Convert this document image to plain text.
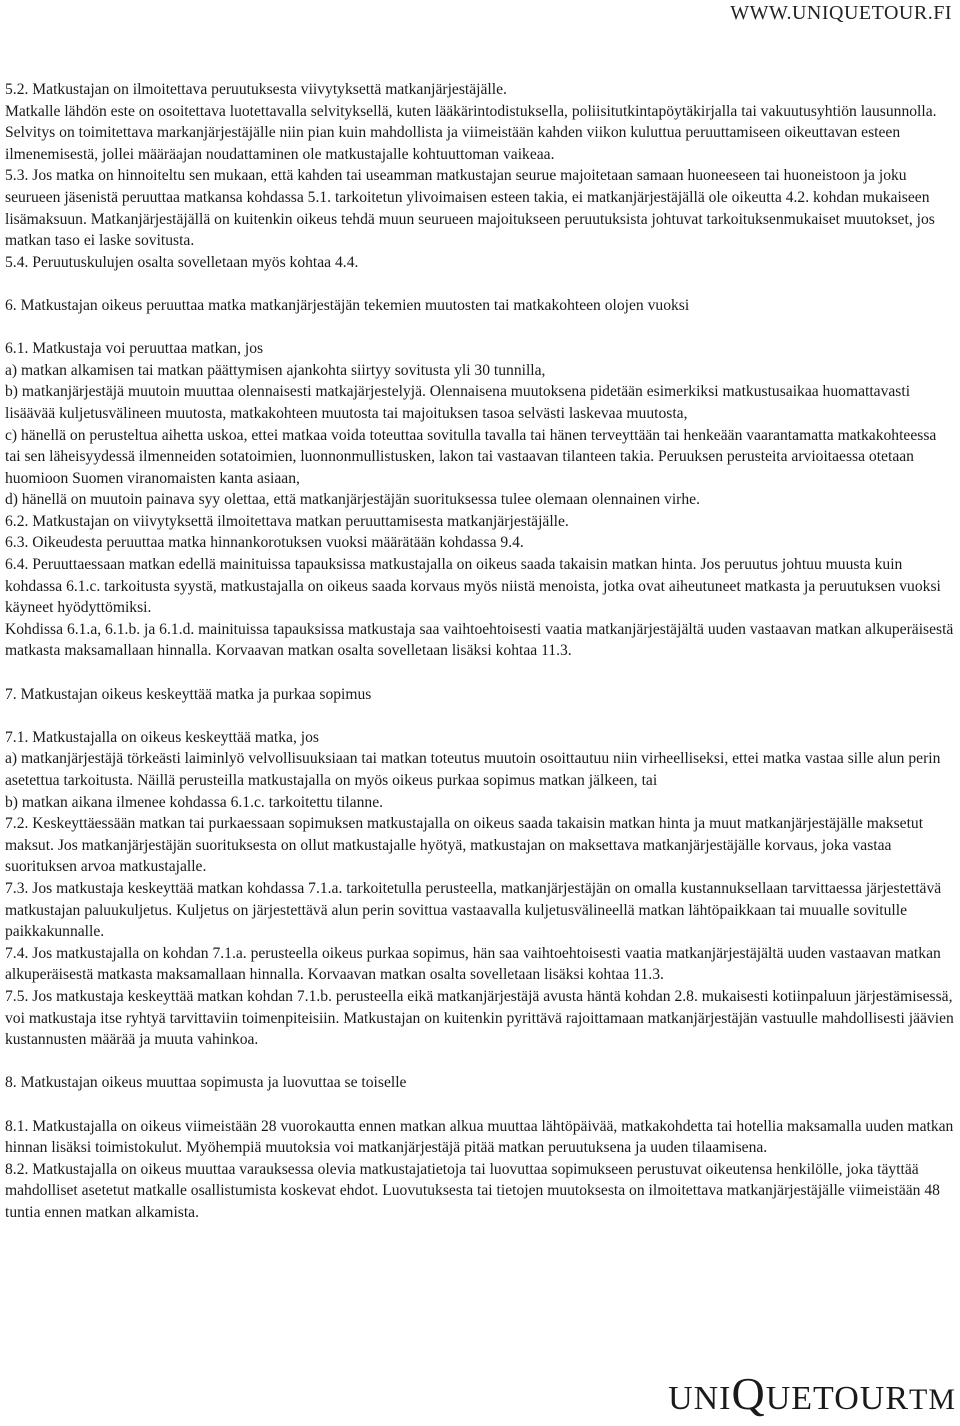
WWW.UNIQUETOUR.FI

5.2. Matkustajan on ilmoitettava peruutuksesta viivytyksettä matkanjärjestäjälle.

Matkalle lähdön este on osoitettava luotettavalla selvityksellä, kuten lääkärintodistuksella, poliisitutkintapöytäkirjalla tai vakuutusyhtiön lausunnolla. Selvitys on toimitettava markanjärjestäjälle niin pian kuin mahdollista ja viimeistään kahden viikon kuluttua peruuttamiseen oikeuttavan esteen ilmenemisestä, jollei määräajan noudattaminen ole matkustajalle kohtuuttoman vaikeaa.

5.3. Jos matka on hinnoiteltu sen mukaan, että kahden tai useamman matkustajan seurue majoitetaan samaan huoneeseen tai huoneistoon ja joku seurueen jäsenistä peruuttaa matkansa kohdassa 5.1. tarkoitetun ylivoimaisen esteen takia, ei matkanjärjestäjällä ole oikeutta 4.2. kohdan mukaiseen lisämaksuun. Matkanjärjestäjällä on kuitenkin oikeus tehdä muun seurueen majoitukseen peruutuksista johtuvat tarkoituksenmukaiset muutokset, jos matkan taso ei laske sovitusta.

5.4. Peruutuskulujen osalta sovelletaan myös kohtaa 4.4.

6. Matkustajan oikeus peruuttaa matka matkanjärjestäjän tekemien muutosten tai matkakohteen olojen vuoksi

6.1. Matkustaja voi peruuttaa matkan, jos

a) matkan alkamisen tai matkan päättymisen ajankohta siirtyy sovitusta yli 30 tunnilla,

b) matkanjärjestäjä muutoin muuttaa olennaisesti matkajärjestelyjä. Olennaisena muutoksena pidetään esimerkiksi matkustusaikaa huomattavasti lisäävää kuljetusvälineen muutosta, matkakohteen muutosta tai majoituksen tasoa selvästi laskevaa muutosta,

c) hänellä on perusteltua aihetta uskoa, ettei matkaa voida toteuttaa sovitulla tavalla tai hänen terveyttään tai henkeään vaarantamatta matkakohteessa tai sen läheisyydessä ilmenneiden sotatoimien, luonnonmullistusken, lakon tai vastaavan tilanteen takia. Peruuksen perusteita arvioitaessa otetaan huomioon Suomen viranomaisten kanta asiaan,

d) hänellä on muutoin painava syy olettaa, että matkanjärjestäjän suorituksessa tulee olemaan olennainen virhe.

6.2. Matkustajan on viivytyksettä ilmoitettava matkan peruuttamisesta matkanjärjestäjälle.

6.3. Oikeudesta peruuttaa matka hinnankorotuksen vuoksi määrätään kohdassa 9.4.

6.4. Peruuttaessaan matkan edellä mainituissa tapauksissa matkustajalla on oikeus saada takaisin matkan hinta. Jos peruutus johtuu muusta kuin kohdassa 6.1.c. tarkoitusta syystä, matkustajalla on oikeus saada korvaus myös niistä menoista, jotka ovat aiheutuneet matkasta ja peruutuksen vuoksi käyneet hyödyttömiksi.

Kohdissa 6.1.a, 6.1.b. ja 6.1.d. mainituissa tapauksissa matkustaja saa vaihtoehtoisesti vaatia matkanjärjestäjältä uuden vastaavan matkan alkuperäisestä matkasta maksamallaan hinnalla. Korvaavan matkan osalta sovelletaan lisäksi kohtaa 11.3.

7. Matkustajan oikeus keskeyttää matka ja purkaa sopimus

7.1. Matkustajalla on oikeus keskeyttää matka, jos

a) matkanjärjestäjä törkeästi laiminlyö velvollisuuksiaan tai matkan toteutus muutoin osoittautuu niin virheelliseksi, ettei matka vastaa sille alun perin asetettua tarkoitusta. Näillä perusteilla matkustajalla on myös oikeus purkaa sopimus matkan jälkeen, tai

b) matkan aikana ilmenee kohdassa 6.1.c. tarkoitettu tilanne.

7.2. Keskeyttäessään matkan tai purkaessaan sopimuksen matkustajalla on oikeus saada takaisin matkan hinta ja muut matkanjärjestäjälle maksetut maksut. Jos matkanjärjestäjän suorituksesta on ollut matkustajalle hyötyä, matkustajan on maksettava matkanjärjestäjälle korvaus, joka vastaa suorituksen arvoa matkustajalle.

7.3. Jos matkustaja keskeyttää matkan kohdassa 7.1.a. tarkoitetulla perusteella, matkanjärjestäjän on omalla kustannuksellaan tarvittaessa järjestettävä matkustajan paluukuljetus. Kuljetus on järjestettävä alun perin sovittua vastaavalla kuljetusvälineellä matkan lähtöpaikkaan tai muualle sovitulle paikkakunnalle.

7.4. Jos matkustajalla on kohdan 7.1.a. perusteella oikeus purkaa sopimus, hän saa vaihtoehtoisesti vaatia matkanjärjestäjältä uuden vastaavan matkan alkuperäisestä matkasta maksamallaan hinnalla. Korvaavan matkan osalta sovelletaan lisäksi kohtaa 11.3.

7.5. Jos matkustaja keskeyttää matkan kohdan 7.1.b. perusteella eikä matkanjärjestäjä avusta häntä kohdan 2.8. mukaisesti kotiinpaluun järjestämisessä, voi matkustaja itse ryhtyä tarvittaviin toimenpiteisiin. Matkustajan on kuitenkin pyrittävä rajoittamaan matkanjärjestäjän vastuulle mahdollisesti jäävien kustannusten määrää ja muuta vahinkoa.

8. Matkustajan oikeus muuttaa sopimusta ja luovuttaa se toiselle

8.1. Matkustajalla on oikeus viimeistään 28 vuorokautta ennen matkan alkua muuttaa lähtöpäivää, matkakohdetta tai hotellia maksamalla uuden matkan hinnan lisäksi toimistokulut. Myöhempiä muutoksia voi matkanjärjestäjä pitää matkan peruutuksena ja uuden tilaamisena.

8.2. Matkustajalla on oikeus muuttaa varauksessa olevia matkustajatietoja tai luovuttaa sopimukseen perustuvat oikeutensa henkilölle, joka täyttää mahdolliset asetetut matkalle osallistumista koskevat ehdot. Luovutuksesta tai tietojen muutoksesta on ilmoitettava matkanjärjestäjälle viimeistään 48 tuntia ennen matkan alkamista.

UNIQUETOURTM
